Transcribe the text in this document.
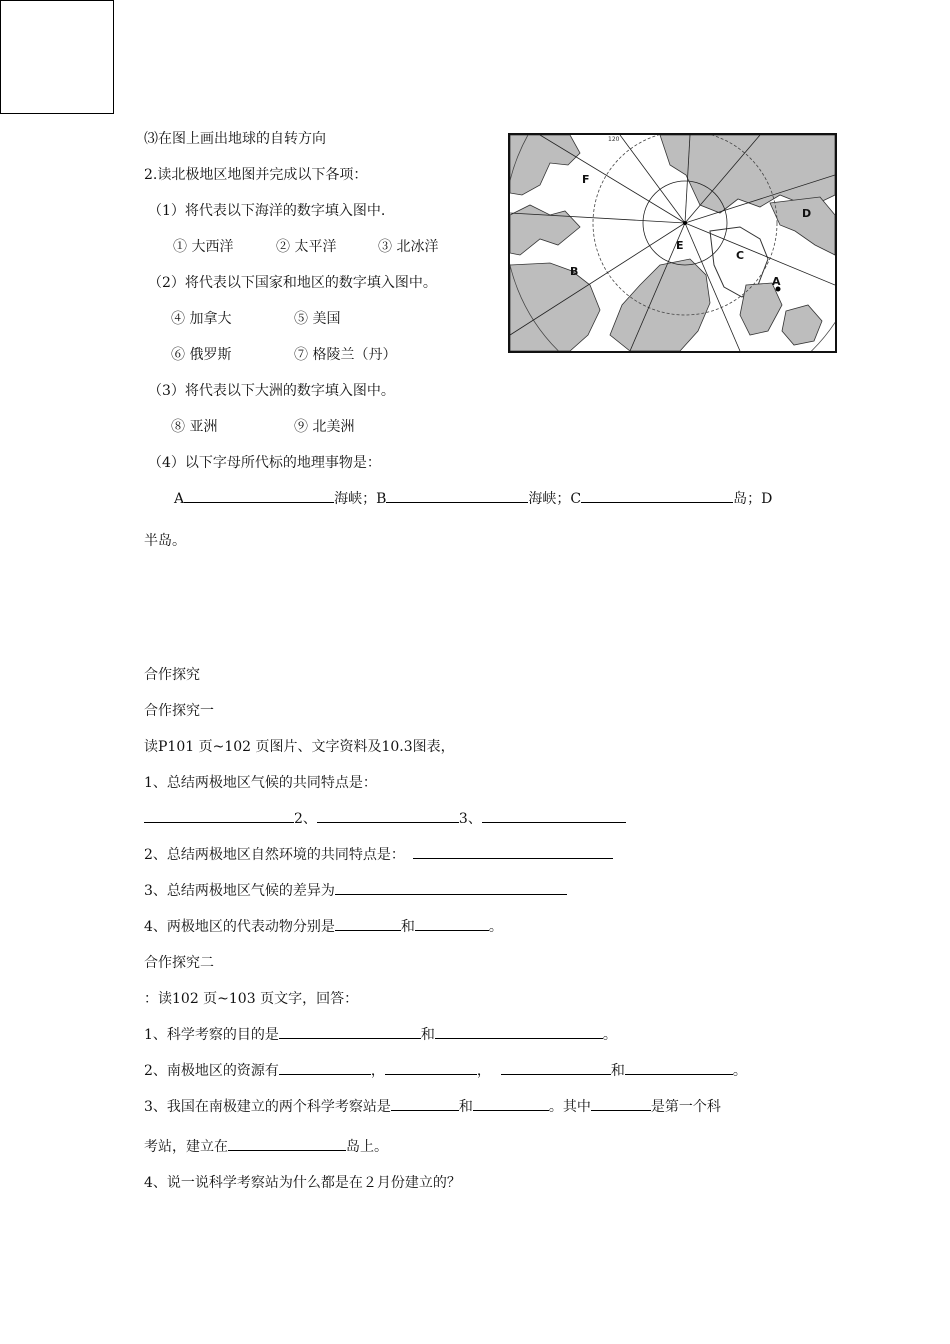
⑶在图上画出地球的自转方向
2.读北极地区地图并完成以下各项：
（1）将代表以下海洋的数字填入图中.
① 大西洋	② 太平洋	③ 北冰洋
（2）将代表以下国家和地区的数字填入图中。
④ 加拿大	⑤ 美国
⑥ 俄罗斯	⑦ 格陵兰（丹）
（3）将代表以下大洲的数字填入图中。
⑧ 亚洲	⑨ 北美洲
（4）以下字母所代标的地理事物是：
A	海峡；B	海峡；C	岛；D
半岛。
120
F
D
E
C
B
A
合作探究
合作探究一
读P101 页~102 页图片、文字资料及10.3图表，
1、总结两极地区气候的共同特点是：
2、	3、
2、总结两极地区自然环境的共同特点是：
3、总结两极地区气候的差异为
4、两极地区的代表动物分别是	和	。
合作探究二
：读102 页~103 页文字，回答：
1、科学考察的目的是	和	。
2、南极地区的资源有	，	，	和	。
3、我国在南极建立的两个科学考察站是	和	。其中	是第一个科
考站，建立在	岛上。
4、说一说科学考察站为什么都是在２月份建立的？
